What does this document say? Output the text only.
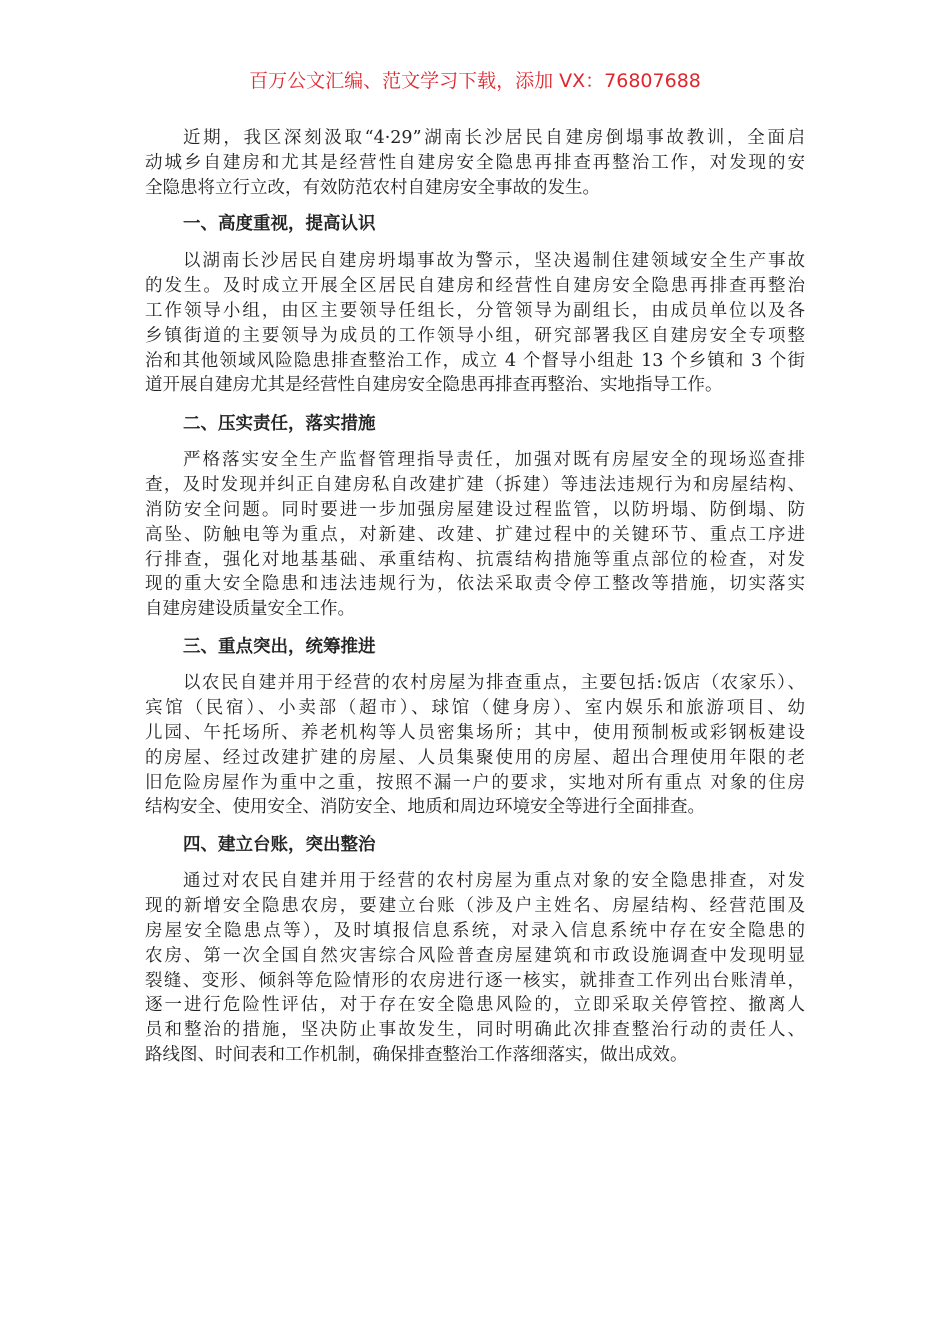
百万公文汇编、范文学习下载，添加 VX：76807688
近期，我区深刻汲取“4·29”湖南长沙居民自建房倒塌事故教训，全面启
动城乡自建房和尤其是经营性自建房安全隐患再排查再整治工作，对发现的安
全隐患将立行立改，有效防范农村自建房安全事故的发生。
一、高度重视，提高认识
以湖南长沙居民自建房坍塌事故为警示，坚决遏制住建领域安全生产事故
的发生。及时成立开展全区居民自建房和经营性自建房安全隐患再排查再整治
工作领导小组，由区主要领导任组长，分管领导为副组长，由成员单位以及各
乡镇街道的主要领导为成员的工作领导小组，研究部署我区自建房安全专项整
治和其他领域风险隐患排查整治工作，成立 4 个督导小组赴 13 个乡镇和 3 个街
道开展自建房尤其是经营性自建房安全隐患再排查再整治、实地指导工作。
二、压实责任，落实措施
严格落实安全生产监督管理指导责任，加强对既有房屋安全的现场巡查排
查，及时发现并纠正自建房私自改建扩建（拆建）等违法违规行为和房屋结构、
消防安全问题。同时要进一步加强房屋建设过程监管，以防坍塌、防倒塌、防
高坠、防触电等为重点，对新建、改建、扩建过程中的关键环节、重点工序进
行排查，强化对地基基础、承重结构、抗震结构措施等重点部位的检查，对发
现的重大安全隐患和违法违规行为，依法采取责令停工整改等措施，切实落实
自建房建设质量安全工作。
三、重点突出，统筹推进
以农民自建并用于经营的农村房屋为排查重点，主要包括:饭店（农家乐）、
宾馆（民宿）、小卖部（超市）、球馆（健身房）、室内娱乐和旅游项目、幼
儿园、午托场所、养老机构等人员密集场所；其中，使用预制板或彩钢板建设
的房屋、经过改建扩建的房屋、人员集聚使用的房屋、超出合理使用年限的老
旧危险房屋作为重中之重，按照不漏一户的要求，实地对所有重点 对象的住房
结构安全、使用安全、消防安全、地质和周边环境安全等进行全面排查。
四、建立台账，突出整治
通过对农民自建并用于经营的农村房屋为重点对象的安全隐患排查，对发
现的新增安全隐患农房，要建立台账（涉及户主姓名、房屋结构、经营范围及
房屋安全隐患点等），及时填报信息系统，对录入信息系统中存在安全隐患的
农房、第一次全国自然灾害综合风险普查房屋建筑和市政设施调查中发现明显
裂缝、变形、倾斜等危险情形的农房进行逐一核实，就排查工作列出台账清单，
逐一进行危险性评估，对于存在安全隐患风险的，立即采取关停管控、撤离人
员和整治的措施，坚决防止事故发生，同时明确此次排查整治行动的责任人、
路线图、时间表和工作机制，确保排查整治工作落细落实，做出成效。
